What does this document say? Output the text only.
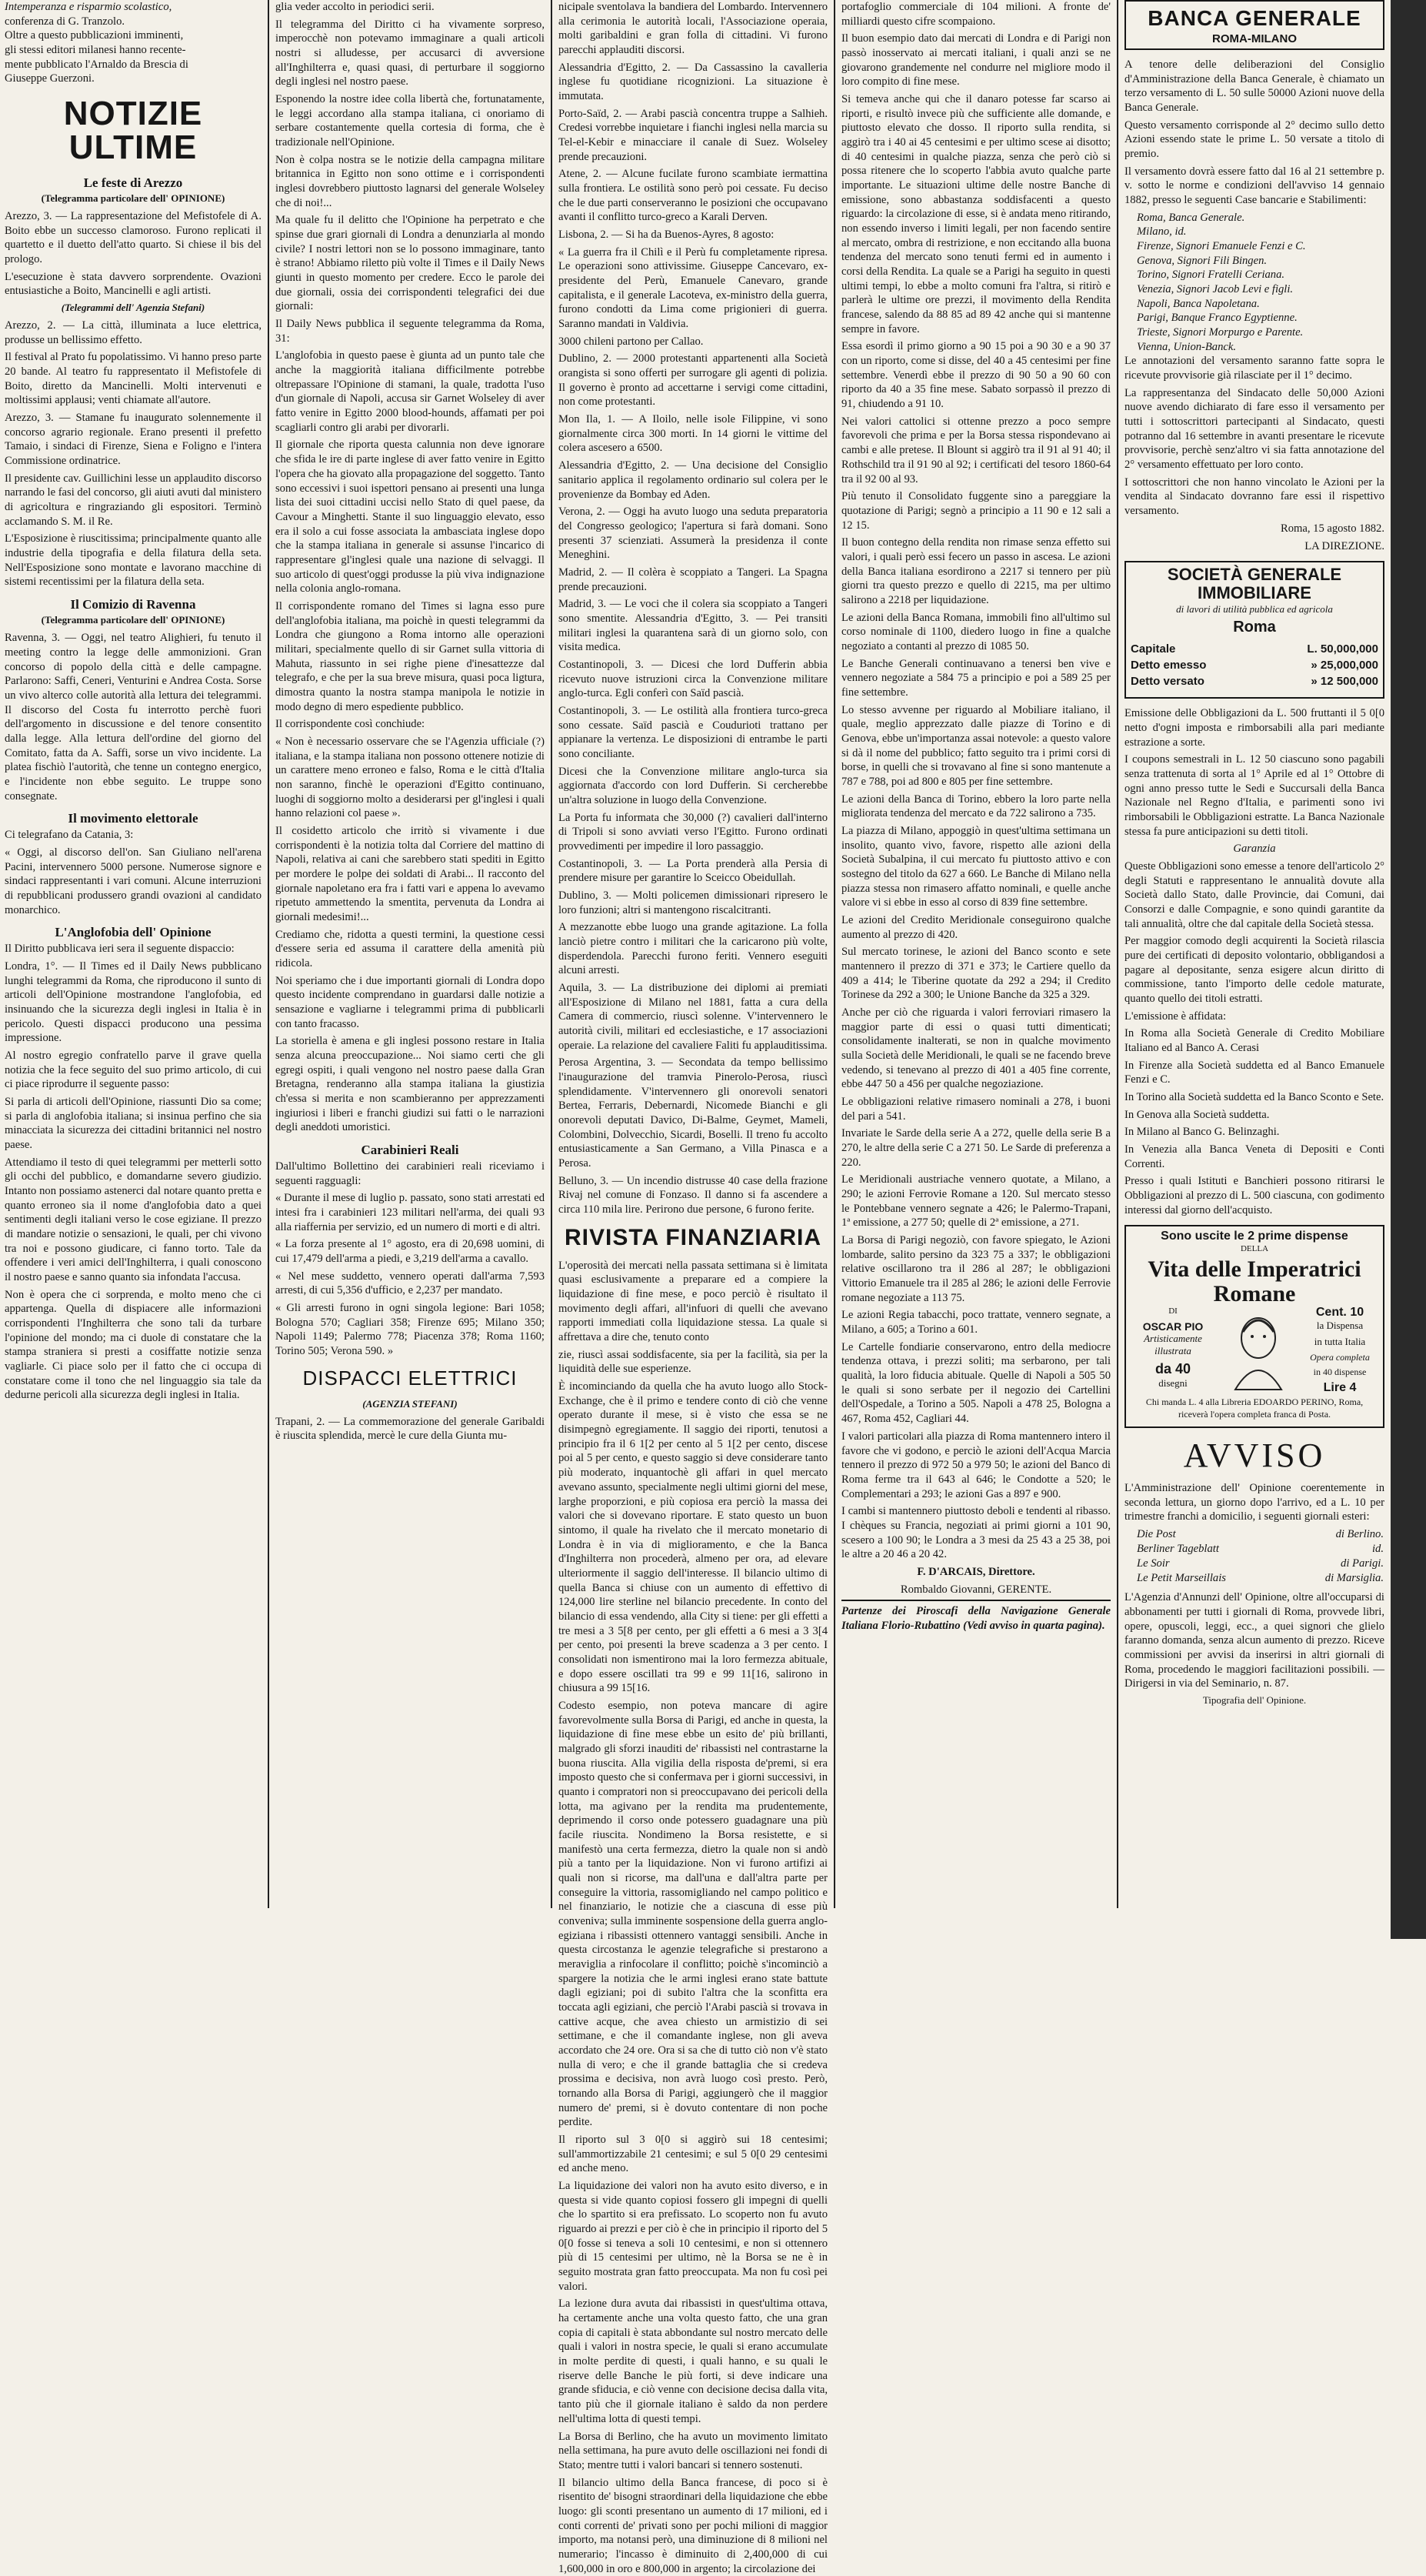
Intemperanza e risparmio scolastico,
conferenza di G. Tranzolo.
Oltre a questo pubblicazioni imminenti,
gli stessi editori milanesi hanno recente-
mente pubblicato l'Arnaldo da Brescia di
Giuseppe Guerzoni.
NOTIZIE ULTIME
Le feste di Arezzo
(Telegramma particolare dell' OPINIONE)

Arezzo, 3. — La rappresentazione del Mefistofele di A. Boito ebbe un successo clamoroso. Furono replicati il quartetto e il duetto dell'atto quarto. Si chiese il bis del prologo.

L'esecuzione è stata davvero sorprendente. Ovazioni entusiastiche a Boito, Mancinelli e agli artisti.

(Telegrammi dell' Agenzia Stefani)

Arezzo, 2. — La città, illuminata a luce elettrica, produsse un bellissimo effetto.

Il festival al Prato fu popolatissimo. Vi hanno preso parte 20 bande. Al teatro fu rappresentato il Mefistofele di Boito, diretto da Mancinelli. Molti intervenuti e moltissimi applausi; venti chiamate all'autore.

Arezzo, 3. — Stamane fu inaugurato solennemente il concorso agrario regionale. Erano presenti il prefetto Tamaio, i sindaci di Firenze, Siena e Foligno e l'intera Commissione ordinatrice.

Il presidente cav. Guillichini lesse un applaudito discorso narrando le fasi del concorso, gli aiuti avuti dal ministero di agricoltura e ringraziando gli espositori. Terminò acclamando S. M. il Re.

L'Esposizione è riuscitissima; principalmente quanto alle industrie della tipografia e della filatura della seta. Nell'Esposizione sono montate e lavorano macchine di sistemi recentissimi per la filatura della seta.

Il Comizio di Ravenna
(Telegramma particolare dell' OPINIONE)

Ravenna, 3. — Oggi, nel teatro Alighieri, fu tenuto il meeting contro la legge delle ammonizioni. Gran concorso di popolo della città e delle campagne. Parlarono: Saffi, Ceneri, Venturini e Andrea Costa. Sorse un vivo alterco colle autorità alla lettura dei telegrammi. Il discorso del Costa fu interrotto perchè fuori dell'argomento in discussione e del tenore consentito dalla legge. Alla lettura dell'ordine del giorno del Comitato, fatta da A. Saffi, sorse un vivo incidente. La platea fischiò l'autorità, che tenne un contegno energico, e l'incidente non ebbe seguito. Le truppe sono consegnate.

Il movimento elettorale

Ci telegrafano da Catania, 3:

« Oggi, al discorso dell'on. San Giuliano nell'arena Pacini, intervennero 5000 persone. Numerose signore e sindaci rappresentanti i vari comuni. Alcune interruzioni di repubblicani produssero grandi ovazioni al candidato monarchico.

L'Anglofobia dell' Opinione

Il Diritto pubblicava ieri sera il seguente dispaccio:

Londra, 1°. — Il Times ed il Daily News pubblicano lunghi telegrammi da Roma, che riproducono il sunto di articoli dell'Opinione mostrandone l'anglofobia, ed insinuando che la sicurezza degli inglesi in Italia è in pericolo. Questi dispacci producono una pessima impressione.

Al nostro egregio confratello parve il grave quella notizia che la fece seguito del suo primo articolo, di cui ci piace riprodurre il seguente passo:

Si parla di articoli dell'Opinione, riassunti Dio sa come; si parla di anglofobia italiana; si insinua perfino che sia minacciata la sicurezza dei cittadini britannici nel nostro paese.

Attendiamo il testo di quei telegrammi per metterli sotto gli occhi del pubblico, e domandarne severo giudizio. Intanto non possiamo astenerci dal notare quanto pretta e quanto erroneo sia il nome d'anglofobia dato a quei sentimenti degli italiani verso le cose egiziane. Il prezzo di mandare notizie o sensazioni, le quali, per chi vivono tra noi e possono giudicare, ci fanno torto. Tale da offendere i veri amici dell'Inghilterra, i quali conoscono il nostro paese e sanno quanto sia infondata l'accusa.

Non è opera che ci sorprenda, e molto meno che ci appartenga. Quella di dispiacere alle informazioni corrispondenti l'Inghilterra che sono tali da turbare l'opinione del mondo; ma ci duole di constatare che la stampa straniera si presti a cosiffatte notizie senza vagliarle. Ci piace solo per il fatto che ci occupa di constatare come il tono che nel linguaggio sia tale da dedurne pericoli alla sicurezza degli inglesi in Italia.

glia veder accolto in periodici serii.

Il telegramma del Diritto ci ha vivamente sorpreso, imperocchè non potevamo immaginare a quali articoli nostri si alludesse, per accusarci di avversione all'Inghilterra e, quasi quasi, di perturbare il soggiorno degli inglesi nel nostro paese.

Esponendo la nostre idee colla libertà che, fortunatamente, le leggi accordano alla stampa italiana, ci onoriamo di serbare costantemente quella cortesia di forma, che è tradizionale nell'Opinione.

Non è colpa nostra se le notizie della campagna militare britannica in Egitto non sono ottime e i corrispondenti inglesi dovrebbero piuttosto lagnarsi del generale Wolseley che di noi!...

Ma quale fu il delitto che l'Opinione ha perpetrato e che spinse due grari giornali di Londra a denunziarla al mondo civile? I nostri lettori non se lo possono immaginare, tanto è strano! Abbiamo riletto più volte il Times e il Daily News giunti in questo momento per credere. Ecco le parole dei due giornali, ossia dei corrispondenti telegrafici dei due giornali:

Il Daily News pubblica il seguente telegramma da Roma, 31:

L'anglofobia in questo paese è giunta ad un punto tale che anche la maggiorità italiana difficilmente potrebbe oltrepassare l'Opinione di stamani, la quale, tradotta l'uso d'un giornale di Napoli, accusa sir Garnet Wolseley di aver fatto venire in Egitto 2000 blood-hounds, affamati per poi scagliarli contro gli arabi per divorarli.

Il giornale che riporta questa calunnia non deve ignorare che sfida le ire di parte inglese di aver fatto venire in Egitto l'opera che ha giovato alla propagazione del soggetto. Tanto sono eccessivi i suoi ispettori pensano ai presenti una lunga lista dei suoi cittadini uccisi nello Stato di quel paese, da Cavour a Minghetti. Stante il suo linguaggio elevato, esso era il solo a cui fosse associata la ambasciata inglese dopo che la stampa italiana in generale si assunse l'incarico di rappresentare gl'inglesi quale una nazione di selvaggi. Il suo articolo di quest'oggi produsse la più viva indignazione nella colonia anglo-romana.

Il corrispondente romano del Times si lagna esso pure dell'anglofobia italiana, ma poichè in questi telegrammi da Londra che giungono a Roma intorno alle operazioni militari, specialmente quello di sir Garnet sulla vittoria di Mahuta, riassunto in sei righe piene d'inesattezze dal telegrafo, e che per la sua breve misura, quasi poca ligtura, dimostra quanto la nostra stampa manipola le notizie in modo degno di mero espediente pubblico.

Il corrispondente così conchiude:

« Non è necessario osservare che se l'Agenzia ufficiale (?) italiana, e la stampa italiana non possono ottenere notizie di un carattere meno erroneo e falso, Roma e le città d'Italia non saranno, finchè le operazioni d'Egitto continuano, luoghi di soggiorno molto a desiderarsi per gl'inglesi i quali hanno relazioni col paese ».

Il cosidetto articolo che irritò si vivamente i due corrispondenti è la notizia tolta dal Corriere del mattino di Napoli, relativa ai cani che sarebbero stati spediti in Egitto per mordere le polpe dei soldati di Arabi... Il racconto del giornale napoletano era fra i fatti vari e appena lo avevamo ripetuto ammettendo la smentita, pervenuta da Londra ai giornali medesimi!...

Crediamo che, ridotta a questi termini, la questione cessi d'essere seria ed assuma il carattere della amenità più ridicola.

Noi speriamo che i due importanti giornali di Londra dopo questo incidente comprendano in guardarsi dalle notizie a sensazione e vagliarne i telegrammi prima di pubblicarli con tanto fracasso.

La storiella è amena e gli inglesi possono restare in Italia senza alcuna preoccupazione... Noi siamo certi che gli egregi ospiti, i quali vengono nel nostro paese dalla Gran Bretagna, renderanno alla stampa italiana la giustizia ch'essa si merita e non scambieranno per apprezzamenti ingiuriosi i liberi e franchi giudizi sui fatti o le narrazioni degli aneddoti umoristici.

Carabinieri Reali

Dall'ultimo Bollettino dei carabinieri reali riceviamo i seguenti ragguagli:

« Durante il mese di luglio p. passato, sono stati arrestati ed intesi fra i carabinieri 123 militari nell'arma, dei quali 93 alla riaffernia per servizio, ed un numero di morti e di altri.

« La forza presente al 1° agosto, era di 20,698 uomini, di cui 17,479 dell'arma a piedi, e 3,219 dell'arma a cavallo.

« Nel mese suddetto, vennero operati dall'arma 7,593 arresti, di cui 5,356 d'ufficio, e 2,237 per mandato.

« Gli arresti furono in ogni singola legione: Bari 1058; Bologna 570; Cagliari 358; Firenze 695; Milano 350; Napoli 1149; Palermo 778; Piacenza 378; Roma 1160; Torino 505; Verona 590. »

DISPACCI ELETTRICI
(AGENZIA STEFANI)

Trapani, 2. — La commemorazione del generale Garibaldi è riuscita splendida, mercè le cure della Giunta mu-

nicipale sventolava la bandiera del Lombardo. Intervennero alla cerimonia le autorità locali, l'Associazione operaia, molti garibaldini e gran folla di cittadini. Vi furono parecchi applauditi discorsi.

Alessandria d'Egitto, 2. — Da Cassassino la cavalleria inglese fu quotidiane ricognizioni. La situazione è immutata.

Porto-Saïd, 2. — Arabi pascià concentra truppe a Salhieh. Credesi vorrebbe inquietare i fianchi inglesi nella marcia su Tel-el-Kebir e minacciare il canale di Suez. Wolseley prende precauzioni.

Atene, 2. — Alcune fucilate furono scambiate iermattina sulla frontiera. Le ostilità sono però poi cessate. Fu deciso che le due parti conserveranno le posizioni che occupavano avanti il conflitto turco-greco a Karali Derven.

Lisbona, 2. — Si ha da Buenos-Ayres, 8 agosto:

« La guerra fra il Chilì e il Perù fu completamente ripresa. Le operazioni sono attivissime. Giuseppe Cancevaro, ex-presidente del Perù, Emanuele Canevaro, grande capitalista, e il generale Lacoteva, ex-ministro della guerra, furono condotti da Lima come prigionieri di guerra. Saranno mandati in Valdivia.

3000 chileni partono per Callao.

Dublino, 2. — 2000 protestanti appartenenti alla Società orangista si sono offerti per surrogare gli agenti di polizia. Il governo è pronto ad accettarne i servigi come cittadini, non come protestanti.

Mon Ila, 1. — A Iloilo, nelle isole Filippine, vi sono giornalmente circa 300 morti. In 14 giorni le vittime del colera ascesero a 6500.

Alessandria d'Egitto, 2. — Una decisione del Consiglio sanitario applica il regolamento ordinario sul colera per le provenienze da Bombay ed Aden.

Verona, 2. — Oggi ha avuto luogo una seduta preparatoria del Congresso geologico; l'apertura si farà domani. Sono presenti 37 scienziati. Assumerà la presidenza il conte Meneghini.

Madrid, 2. — Il colèra è scoppiato a Tangeri. La Spagna prende precauzioni.

Madrid, 3. — Le voci che il colera sia scoppiato a Tangeri sono smentite. Alessandria d'Egitto, 3. — Pei transiti militari inglesi la quarantena sarà di un giorno solo, con visita medica.

Costantinopoli, 3. — Dicesi che lord Dufferin abbia ricevuto nuove istruzioni circa la Convenzione militare anglo-turca. Egli conferì con Saïd pascià.

Costantinopoli, 3. — Le ostilità alla frontiera turco-greca sono cessate. Saïd pascià e Coudurioti trattano per appianare la vertenza. Le disposizioni di entrambe le parti sono conciliante.

Dicesi che la Convenzione militare anglo-turca sia aggiornata d'accordo con lord Dufferin. Si cercherebbe un'altra soluzione in luogo della Convenzione.

La Porta fu informata che 30,000 (?) cavalieri dall'interno di Tripoli si sono avviati verso l'Egitto. Furono ordinati provvedimenti per impedire il loro passaggio.

Costantinopoli, 3. — La Porta prenderà alla Persia di prendere misure per garantire lo Sceicco Obeidullah.

Dublino, 3. — Molti policemen dimissionari ripresero le loro funzioni; altri si mantengono riscalcitranti.

A mezzanotte ebbe luogo una grande agitazione. La folla lanciò pietre contro i militari che la caricarono più volte, disperdendola. Parecchi furono feriti. Vennero eseguiti alcuni arresti.

Aquila, 3. — La distribuzione dei diplomi ai premiati all'Esposizione di Milano nel 1881, fatta a cura della Camera di commercio, riuscì solenne. V'intervennero le autorità civili, militari ed ecclesiastiche, e 17 associazioni operaie. La relazione del cavaliere Faliti fu applauditissima.

Perosa Argentina, 3. — Secondata da tempo bellissimo l'inaugurazione del tramvia Pinerolo-Perosa, riuscì splendidamente. V'intervennero gli onorevoli senatori Bertea, Ferraris, Debernardi, Nicomede Bianchi e gli onorevoli deputati Davico, Di-Balme, Geymet, Mameli, Colombini, Dolvecchio, Sicardi, Boselli. Il treno fu accolto entusiasticamente a San Germano, a Villa Pinasca e a Perosa.

Belluno, 3. — Un incendio distrusse 40 case della frazione Rivaj nel comune di Fonzaso. Il danno si fa ascendere a circa 110 mila lire. Perirono due persone, 6 furono ferite.

RIVISTA FINANZIARIA

L'operosità dei mercati nella passata settimana si è limitata quasi esclusivamente a preparare ed a compiere la liquidazione di fine mese, e poco perciò è risultato il movimento degli affari, all'infuori di quelli che avevano rapporti immediati colla liquidazione stessa. La quale si affrettava a dire che, tenuto conto

zie, riuscì assai soddisfacente, sia per la facilità, sia per la liquidità delle sue esperienze.

È incominciando da quella che ha avuto luogo allo Stock-Exchange, che è il primo e tendere conto di ciò che venne operato durante il mese, si è visto che essa se ne disimpegnò egregiamente. Il saggio dei riporti, tenutosi a principio fra il 6 1[2 per cento al 5 1[2 per cento, discese poi al 5 per cento, e questo saggio si deve considerare tanto più moderato, inquantochè gli affari in quel mercato avevano assunto, specialmente negli ultimi giorni del mese, larghe proporzioni, e più copiosa era perciò la massa dei valori che si dovevano riportare. E stato questo un buon sintomo, il quale ha rivelato che il mercato monetario di Londra è in via di miglioramento, e che la Banca d'Inghilterra non procederà, almeno per ora, ad elevare ulteriormente il saggio dell'interesse. Il bilancio ultimo di quella Banca si chiuse con un aumento di effettivo di 124,000 lire sterline nel bilancio precedente. In conto del bilancio di essa vendendo, alla City si tiene: per gli effetti a tre mesi a 3 5[8 per cento, per gli effetti a 6 mesi a 3 3[4 per cento, poi presenti la breve scadenza a 3 per cento. I consolidati non ismentirono mai la loro fermezza abituale, e dopo essere oscillati tra 99 e 99 11[16, salirono in chiusura a 99 15[16.

Codesto esempio, non poteva mancare di agire favorevolmente sulla Borsa di Parigi, ed anche in questa, la liquidazione di fine mese ebbe un esito de' più brillanti, malgrado gli sforzi inauditi de' ribassisti nel contrastarne la buona riuscita. Alla vigilia della risposta de'premi, si era imposto questo che si confermava per i giorni successivi, in quanto i compratori non si preoccupavano dei pericoli della lotta, ma agivano per la rendita ma prudentemente, deprimendo il corso onde potessero guadagnare una più facile riuscita. Nondimeno la Borsa resistette, e si manifestò una certa fermezza, dietro la quale non si andò più a tanto per la liquidazione. Non vi furono artifizi ai quali non si ricorse, ma dall'una e dall'altra parte per conseguire la vittoria, rassomigliando nel campo politico e nel finanziario, le notizie che a ciascuna di esse più conveniva; sulla imminente sospensione della guerra anglo-egiziana i ribassisti ottennero vantaggi sensibili. Anche in questa circostanza le agenzie telegrafiche si prestarono a meraviglia a rinfocolare il conflitto; poichè s'incominciò a spargere la notizia che le armi inglesi erano state battute dagli egiziani; poi di subito l'altra che la sconfitta era toccata agli egiziani, che perciò l'Arabi pascià si trovava in cattive acque, che avea chiesto un armistizio di sei settimane, e che il comandante inglese, non gli aveva accordato che 24 ore. Ora si sa che di tutto ciò non v'è stato nulla di vero; e che il grande battaglia che si credeva prossima e decisiva, non avrà luogo così presto. Però, tornando alla Borsa di Parigi, aggiungerò che il maggior numero de' premi, si è dovuto contentare di non poche perdite.

Il riporto sul 3 0[0 si aggirò sui 18 centesimi; sull'ammortizzabile 21 centesimi; e sul 5 0[0 29 centesimi ed anche meno.

La liquidazione dei valori non ha avuto esito diverso, e in questa si vide quanto copiosi fossero gli impegni di quelli che lo spartito si era prefissato. Lo scoperto non fu avuto riguardo ai prezzi e per ciò è che in principio il riporto del 5 0[0 fosse si teneva a soli 10 centesimi, e non si ottennero più di 15 centesimi per ultimo, nè la Borsa se ne è in seguito mostrata gran fatto preoccupata. Ma non fu così pei valori.

La lezione dura avuta dai ribassisti in quest'ultima ottava, ha certamente anche una volta questo fatto, che una gran copia di capitali è stata abbondante sul nostro mercato delle quali i valori in nostra specie, le quali si erano accumulate in molte perdite di questi, i quali hanno, e su quali le riserve delle Banche le più forti, si deve indicare una grande sfiducia, e ciò venne con decisione decisa dalla vita, tanto più che il giornale italiano è saldo da non perdere nell'ultima lotta di questi tempi.

La Borsa di Berlino, che ha avuto un movimento limitato nella settimana, ha pure avuto delle oscillazioni nei fondi di Stato; mentre tutti i valori bancari si tennero sostenuti.

Il bilancio ultimo della Banca francese, di poco si è risentito de' bisogni straordinari della liquidazione che ebbe luogo: gli sconti presentano un aumento di 17 milioni, ed i conti correnti de' privati sono per pochi milioni di maggior importo, ma notansi però, una diminuzione di 8 milioni nel numerario; l'incasso è diminuito di 2,400,000 di cui 1,600,000 in oro e 800,000 in argento; la circolazione dei

portafoglio commerciale di 104 milioni. A fronte de' milliardi questo cifre scompaiono.

Il buon esempio dato dai mercati di Londra e di Parigi non passò inosservato ai mercati italiani, i quali anzi se ne giovarono grandemente nel condurre nel migliore modo il loro compito di fine mese.

Si temeva anche qui che il danaro potesse far scarso ai riporti, e risultò invece più che sufficiente alle domande, e piuttosto elevato che dosso. Il riporto sulla rendita, si aggirò tra i 40 ai 45 centesimi e per ultimo scese ai disotto; di 40 centesimi in qualche piazza, senza che però ciò si possa ritenere che lo scoperto l'abbia avuto qualche parte importante. Le situazioni ultime delle nostre Banche di emissione, sono abbastanza soddisfacenti a questo riguardo: la circolazione di esse, si è andata meno ritirando, non essendo inverso i limiti legali, per non facendo sentire al mercato, ombra di restrizione, e non eccitando alla buona tendenza del mercato sono tenuti fermi ed in aumento i corsi della Rendita. La quale se a Parigi ha seguito in questi ultimi tempi, lo ebbe a molto comuni fra l'altra, si ritirò e parlerà le ultime ore prezzi, il movimento della Rendita francese, salendo da 88 85 ad 89 42 anche qui si mantenne sempre in favore.

Essa esordì il primo giorno a 90 15 poi a 90 30 e a 90 37 con un riporto, come si disse, del 40 a 45 centesimi per fine settembre. Venerdì ebbe il prezzo di 90 50 a 90 60 con riporto da 40 a 35 fine mese. Sabato sorpassò il prezzo di 91, chiudendo a 91 10.

Nei valori cattolici si ottenne prezzo a poco sempre favorevoli che prima e per la Borsa stessa rispondevano ai cambi e alle pretese. Il Blount si aggirò tra il 91 al 91 40; il Rothschild tra il 91 90 al 92; i certificati del tesoro 1860-64 tra il 92 00 al 93.

Più tenuto il Consolidato fuggente sino a pareggiare la quotazione di Parigi; segnò a principio a 11 90 e 12 sali a 12 15.

Il buon contegno della rendita non rimase senza effetto sui valori, i quali però essi fecero un passo in ascesa. Le azioni della Banca italiana esordirono a 2217 si tennero per più giorni tra questo prezzo e quello di 2215, ma per ultimo salirono a 2218 per liquidazione.

Le azioni della Banca Romana, immobili fino all'ultimo sul corso nominale di 1100, diedero luogo in fine a qualche negoziato a contanti al prezzo di 1085 50.

Le Banche Generali continuavano a tenersi ben vive e vennero negoziate a 584 75 a principio e poi a 589 25 per fine settembre.

Lo stesso avvenne per riguardo al Mobiliare italiano, il quale, meglio apprezzato dalle piazze di Torino e di Genova, ebbe un'importanza assai notevole: a questo valore si dà il nome del pubblico; fatto seguito tra i primi corsi di borse, in quelli che si trovavano al fine si sono mantenute a 787 e 788, poi ad 800 e 805 per fine settembre.

Le azioni della Banca di Torino, ebbero la loro parte nella migliorata tendenza del mercato e da 722 salirono a 735.

La piazza di Milano, appoggiò in quest'ultima settimana un insolito, quanto vivo, favore, rispetto alle azioni della Società Subalpina, il cui mercato fu piuttosto attivo e con sostegno del titolo da 627 a 660. Le Banche di Milano nella piazza stessa non rimasero affatto nominali, e quelle anche valore vi si ebbe in esso al corso di 839 fine settembre.

Le azioni del Credito Meridionale conseguirono qualche aumento al prezzo di 420.

Sul mercato torinese, le azioni del Banco sconto e sete mantennero il prezzo di 371 e 373; le Cartiere quello da 409 a 414; le Tiberine quotate da 292 a 294; il Credito Torinese da 292 a 300; le Unione Banche da 325 a 329.

Anche per ciò che riguarda i valori ferroviari rimasero la maggior parte di essi o quasi tutti dimenticati; consolidamente inalterati, se non in qualche movimento sulla Società delle Meridionali, le quali se ne facendo breve vedendo, si tenevano al prezzo di 401 a 405 fine corrente, ebbe 447 50 a 456 per qualche negoziazione.

Le obbligazioni relative rimasero nominali a 278, i buoni del pari a 541.

Invariate le Sarde della serie A a 272, quelle della serie B a 270, le altre della serie C a 271 50. Le Sarde di preferenza a 220.

Le Meridionali austriache vennero quotate, a Milano, a 290; le azioni Ferrovie Romane a 120. Sul mercato stesso le Pontebbane vennero segnate a 426; le Palermo-Trapani, 1ª emissione, a 277 50; quelle di 2ª emissione, a 271.

La Borsa di Parigi negoziò, con favore spiegato, le Azioni lombarde, salito persino da 323 75 a 337; le obbligazioni relative oscillarono tra il 286 al 287; le obbligazioni Vittorio Emanuele tra il 285 al 286; le azioni delle Ferrovie romane negoziate a 113 75.

Le azioni Regia tabacchi, poco trattate, vennero segnate, a Milano, a 605; a Torino a 601.

Le Cartelle fondiarie conservarono, entro della mediocre tendenza ottava, i prezzi soliti; ma serbarono, per tali qualità, la loro fiducia abituale. Quelle di Napoli a 505 50 le quali si sono serbate per il negozio dei Cartellini dell'Ospedale, a Torino a 505. Napoli a 478 25, Bologna a 467, Roma 452, Cagliari 44.

I valori particolari alla piazza di Roma mantennero intero il favore che vi godono, e perciò le azioni dell'Acqua Marcia tennero il prezzo di 972 50 a 979 50; le azioni del Banco di Roma ferme tra il 643 al 646; le Condotte a 520; le Complementari a 293; le azioni Gas a 897 e 900.

I cambi si mantennero piuttosto deboli e tendenti al ribasso. I chèques su Francia, negoziati ai primi giorni a 101 90, scesero a 100 90; le Londra a 3 mesi da 25 43 a 25 38, poi le altre a 20 46 a 20 42.

F. D'ARCAIS, Direttore.

Rombaldo Giovanni, GERENTE.

Partenze dei Piroscafi della Navigazione Generale Italiana Florio-Rubattino (Vedi avviso in quarta pagina).

BANCA GENERALE
ROMA-MILANO

A tenore delle deliberazioni del Consiglio d'Amministrazione della Banca Generale, è chiamato un terzo versamento di L. 50 sulle 50000 Azioni nuove della Banca Generale.

Questo versamento corrisponde al 2° decimo sullo detto Azioni essendo state le prime L. 50 versate a titolo di premio.

Il versamento dovrà essere fatto dal 16 al 21 settembre p. v. sotto le norme e condizioni dell'avviso 14 gennaio 1882, presso le seguenti Case bancarie e Stabilimenti:

Roma, Banca Generale.
Milano, id.
Firenze, Signori Emanuele Fenzi e C.
Genova, Signori Fili Bingen.
Torino, Signori Fratelli Ceriana.
Venezia, Signori Jacob Levi e figli.
Napoli, Banca Napoletana.
Parigi, Banque Franco Egyptienne.
Trieste, Signori Morpurgo e Parente.
Vienna, Union-Banck.

Le annotazioni del versamento saranno fatte sopra le ricevute provvisorie già rilasciate per il 1° decimo.

La rappresentanza del Sindacato delle 50,000 Azioni nuove avendo dichiarato di fare esso il versamento per tutti i sottoscrittori partecipanti al Sindacato, questi potranno dal 16 settembre in avanti presentare le ricevute provvisorie, perchè senz'altro vi sia fatta annotazione del 2° versamento effettuato per loro conto.

I sottoscrittori che non hanno vincolato le Azioni per la vendita al Sindacato dovranno fare essi il rispettivo versamento.

Roma, 15 agosto 1882.

LA DIREZIONE.

SOCIETÀ GENERALE IMMOBILIARE
di lavori di utilità pubblica ed agricola
Roma
Capitale	L. 50,000,000
Detto emesso	» 25,000,000
Detto versato	» 12 500,000

Emissione delle Obbligazioni da L. 500 fruttanti il 5 0[0 netto d'ogni imposta e rimborsabili alla pari mediante estrazione a sorte.

I coupons semestrali in L. 12 50 ciascuno sono pagabili senza trattenuta di sorta al 1° Aprile ed al 1° Ottobre di ogni anno presso tutte le Sedi e Succursali della Banca Nazionale nel Regno d'Italia, e parimenti sono ivi rimborsabili le Obbligazioni estratte. La Banca Nazionale stessa fa pure anticipazioni su detti titoli.

Garanzia

Queste Obbligazioni sono emesse a tenore dell'articolo 2° degli Statuti e rappresentano le annualità dovute alla Società dallo Stato, dalle Provincie, dai Comuni, dai Consorzi e dalle Compagnie, e sono quindi garantite da tali annualità, oltre che dal capitale della Società stessa.

Per maggior comodo degli acquirenti la Società rilascia pure dei certificati di deposito volontario, obbligandosi a pagare al depositante, senza esigere alcun diritto di commissione, tanto l'importo delle cedole maturate, quanto quello dei titoli estratti.

L'emissione è affidata:

In Roma alla Società Generale di Credito Mobiliare Italiano ed al Banco A. Cerasi

In Firenze alla Società suddetta ed al Banco Emanuele Fenzi e C.

In Torino alla Società suddetta ed la Banco Sconto e Sete.

In Genova alla Società suddetta.

In Milano al Banco G. Belinzaghi.

In Venezia alla Banca Veneta di Depositi e Conti Correnti.

Presso i quali Istituti e Banchieri possono ritirarsi le Obbligazioni al prezzo di L. 500 ciascuna, con godimento interessi dal giorno dell'acquisto.

Sono uscite le 2 prime dispense
DELLA
Vita delle Imperatrici Romane
DI
OSCAR PIO
Artisticamente illustrata
da 40
disegni
Cent. 10
la Dispensa
in tutta Italia
Opera completa
in 40 dispense
Lire 4
Chi manda L. 4 alla Libreria EDOARDO PERINO, Roma, riceverà l'opera completa franca di Posta.
AVVISO

L'Amministrazione dell' Opinione coerentemente in seconda lettura, un giorno dopo l'arrivo, ed a L. 10 per trimestre franchi a domicilio, i seguenti giornali esteri:

Die Post	di Berlino.
Berliner Tageblatt	id.
Le Soir	di Parigi.
Le Petit Marseillais	di Marsiglia.

L'Agenzia d'Annunzi dell' Opinione, oltre all'occuparsi di abbonamenti per tutti i giornali di Roma, provvede libri, opere, opuscoli, leggi, ecc., a quei signori che glielo faranno domanda, senza alcun aumento di prezzo. Riceve commissioni per avvisi da inserirsi in altri giornali di Roma, procedendo le maggiori facilitazioni possibili. — Dirigersi in via del Seminario, n. 87.

Tipografia dell' Opinione.
